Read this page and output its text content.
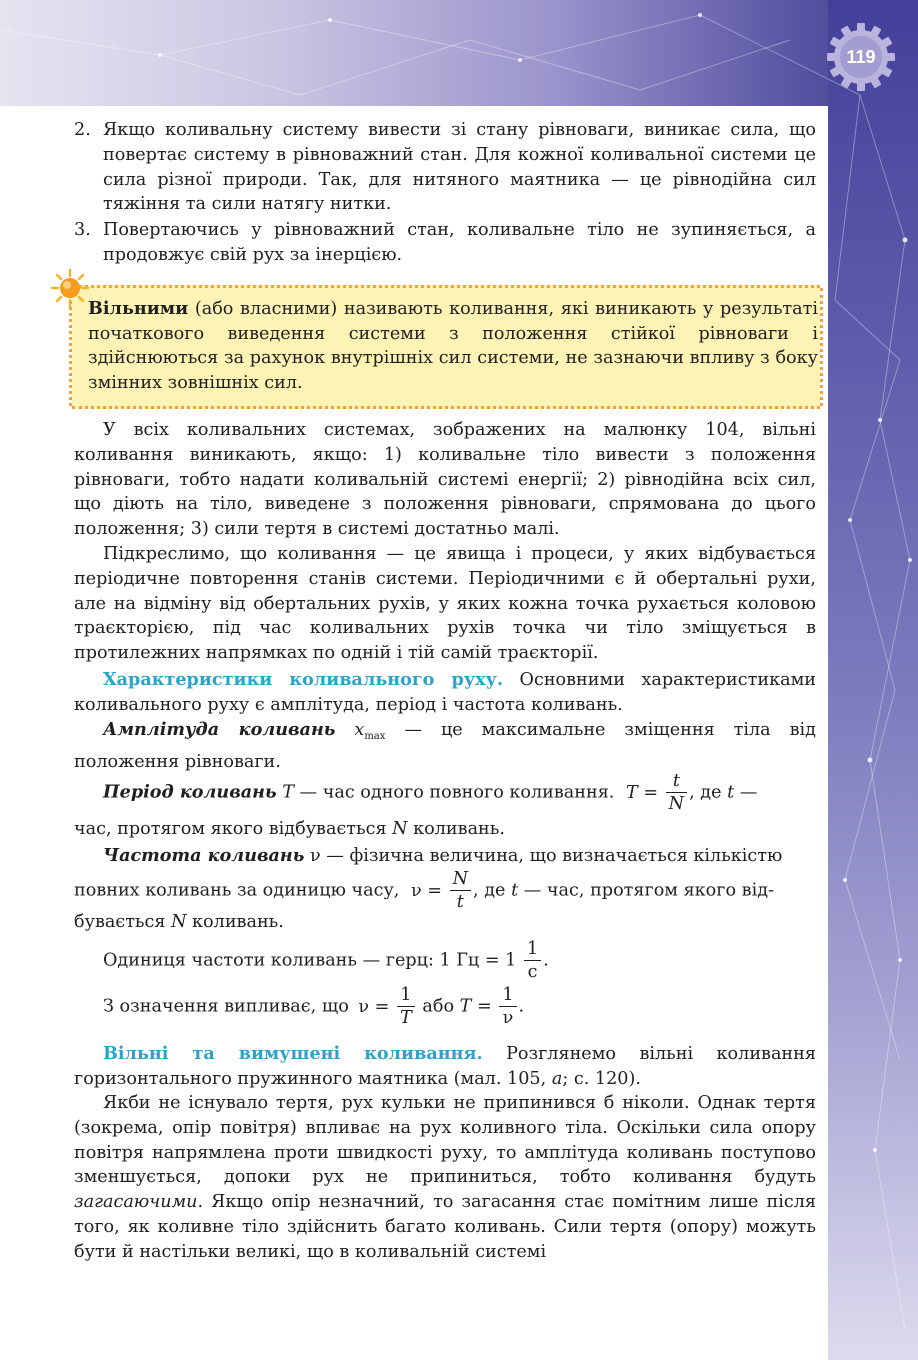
119
2. Якщо коливальну систему вивести зі стану рівноваги, виникає сила, що повертає систему в рівноважний стан. Для кожної коливальної системи це сила різної природи. Так, для нитяного маятника — це рівнодійна сил тяжіння та сили натягу нитки.
3. Повертаючись у рівноважний стан, коливальне тіло не зупиняється, а продовжує свій рух за інерцією.
Вільними (або власними) називають коливання, які виникають у результаті початкового виведення системи з положення стійкої рівноваги і здійснюються за рахунок внутрішніх сил системи, не зазнаючи впливу з боку змінних зовнішніх сил.

У всіх коливальних системах, зображених на малюнку 104, вільні коливання виникають, якщо: 1) коливальне тіло вивести з положення рівноваги, тобто надати коливальній системі енергії; 2) рівнодійна всіх сил, що діють на тіло, виведене з положення рівноваги, спрямована до цього положення; 3) сили тертя в системі достатньо малі.

Підкреслимо, що коливання — це явища і процеси, у яких відбувається періодичне повторення станів системи. Періодичними є й обертальні рухи, але на відміну від обертальних рухів, у яких кожна точка рухається коловою траєкторією, під час коливальних рухів точка чи тіло зміщується в протилежних напрямках по одній і тій самій траєкторії.

Характеристики коливального руху. Основними характеристиками коливального руху є амплітуда, період і частота коливань.

Амплітуда коливань $x_{max}$ — це максимальне зміщення тіла від положення рівноваги.

Період коливань T — час одного повного коливання. $T = \frac{t}{N}$ , де t —
час, протягом якого відбувається N коливань.
Частота коливань ν — фізична величина, що визначається кількістю
повних коливань за одиницю часу, $\nu = \frac{N}{t}$ , де t — час, протягом якого від-
бувається N коливань.
Одиниця частоти коливань — герц: 1 Гц = 1
1
с
.
З означення випливає, що $\nu = \frac{1}{T}$ або $T = \frac{1}{\nu}$ .

Вільні та вимушені коливання. Розглянемо вільні коливання горизонтального пружинного маятника (мал. 105, а; с. 120).

Якби не існувало тертя, рух кульки не припинився б ніколи. Однак тертя (зокрема, опір повітря) впливає на рух коливного тіла. Оскільки сила опору повітря напрямлена проти швидкості руху, то амплітуда коливань поступово зменшується, допоки рух не припиниться, тобто коливання будуть загасаючими. Якщо опір незначний, то загасання стає помітним лише після того, як коливне тіло здійснить багато коливань. Сили тертя (опору) можуть бути й настільки великі, що в коливальній системі
